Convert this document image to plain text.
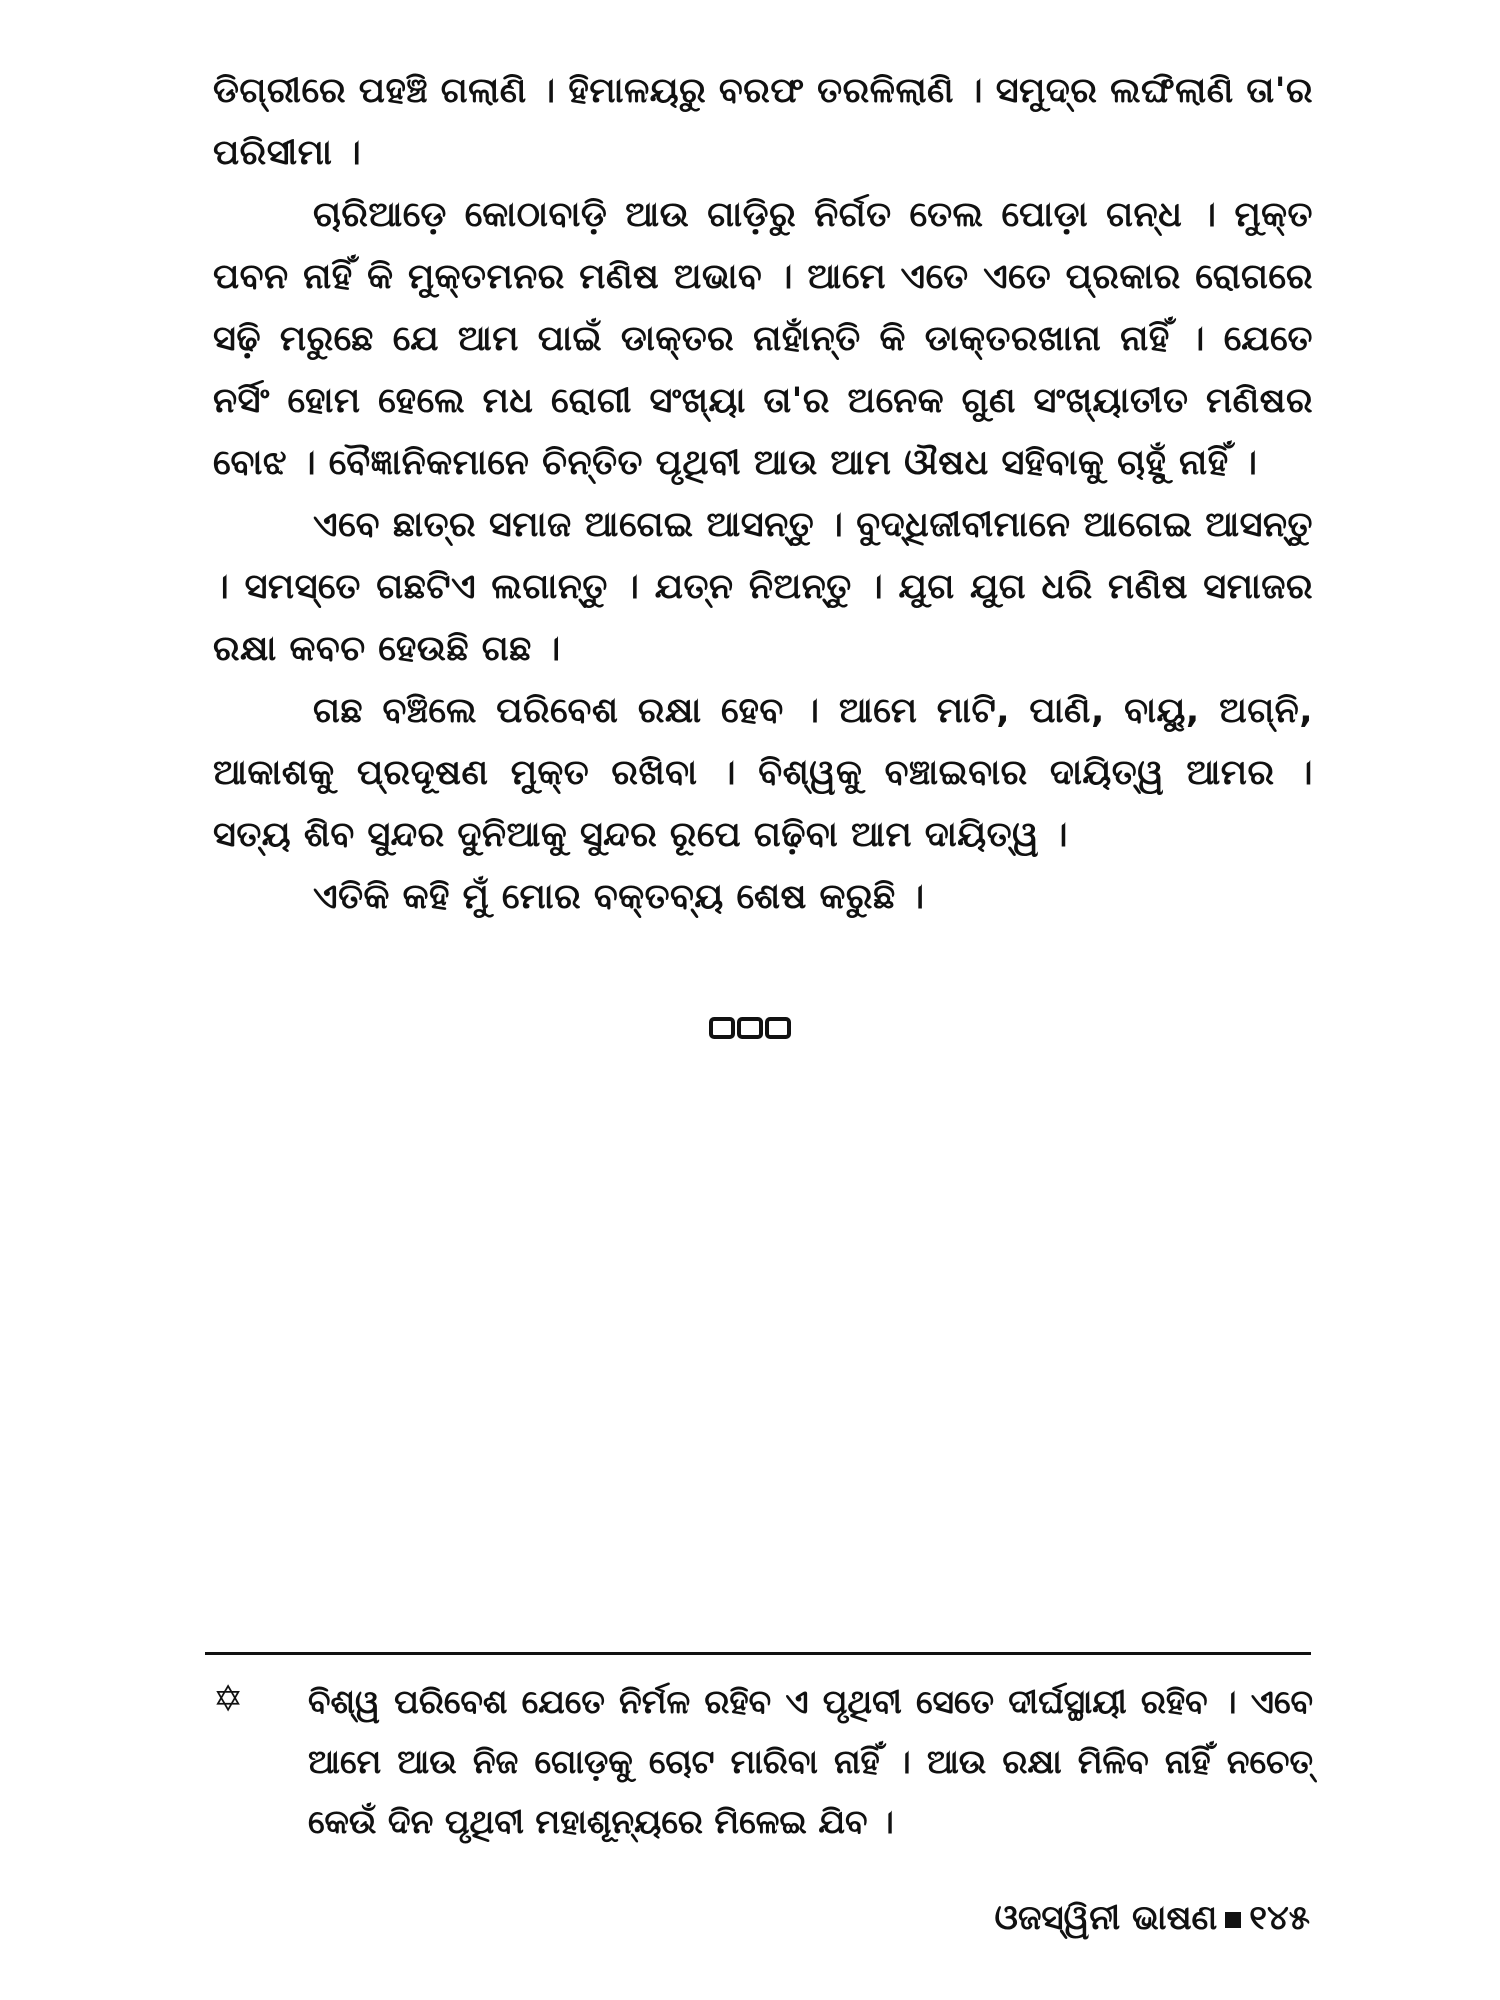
ଡିଗ୍ରୀରେ ପହଞ୍ଚି ଗଲାଣି । ହିମାଳୟରୁ ବରଫ ତରଳିଲାଣି । ସମୁଦ୍ର ଲଙ୍ଘିଲାଣି ତା'ର ପରିସୀମା ।

ଚାରିଆଡ଼େ କୋଠାବାଡ଼ି ଆଉ ଗାଡ଼ିରୁ ନିର୍ଗତ ତେଲ ପୋଡ଼ା ଗନ୍ଧ । ମୁକ୍ତ ପବନ ନାହିଁ କି ମୁକ୍ତମନର ମଣିଷ ଅଭାବ । ଆମେ ଏତେ ଏତେ ପ୍ରକାର ରୋଗରେ ସଢ଼ି ମରୁଛେ ଯେ ଆମ ପାଇଁ ଡାକ୍ତର ନାହାଁନ୍ତି କି ଡାକ୍ତରଖାନା ନାହିଁ । ଯେତେ ନର୍ସିଂ ହୋମ ହେଲେ ମଧ ରୋଗୀ ସଂଖ୍ୟା ତା'ର ଅନେକ ଗୁଣ ସଂଖ୍ୟାତୀତ ମଣିଷର ବୋଝ । ବୈଜ୍ଞାନିକମାନେ ଚିନ୍ତିତ ପୃଥିବୀ ଆଉ ଆମ ଔଷଧ ସହିବାକୁ ଚାହୁଁ ନାହିଁ ।

ଏବେ ଛାତ୍ର ସମାଜ ଆଗେଇ ଆସନ୍ତୁ । ବୁଦ୍ଧିଜୀବୀମାନେ ଆଗେଇ ଆସନ୍ତୁ । ସମସ୍ତେ ଗଛଟିଏ ଲଗାନ୍ତୁ । ଯତ୍ନ ନିଅନ୍ତୁ । ଯୁଗ ଯୁଗ ଧରି ମଣିଷ ସମାଜର ରକ୍ଷା କବଚ ହେଉଛି ଗଛ ।

ଗଛ ବଞ୍ଚିଲେ ପରିବେଶ ରକ୍ଷା ହେବ । ଆମେ ମାଟି, ପାଣି, ବାୟୁ, ଅଗ୍ନି, ଆକାଶକୁ ପ୍ରଦୂଷଣ ମୁକ୍ତ ରଖିବା । ବିଶ୍ୱକୁ ବଞ୍ଚାଇବାର ଦାୟିତ୍ୱ ଆମର । ସତ୍ୟ ଶିବ ସୁନ୍ଦର ଦୁନିଆକୁ ସୁନ୍ଦର ରୂପେ ଗଢ଼ିବା ଆମ ଦାୟିତ୍ୱ ।

ଏତିକି କହି ମୁଁ ମୋର ବକ୍ତବ୍ୟ ଶେଷ କରୁଛି ।

✡ ବିଶ୍ୱ ପରିବେଶ ଯେତେ ନିର୍ମଳ ରହିବ ଏ ପୃଥିବୀ ସେତେ ଦୀର୍ଘସ୍ଥାୟୀ ରହିବ । ଏବେ ଆମେ ଆଉ ନିଜ ଗୋଡ଼କୁ ଚୋଟ ମାରିବା ନାହିଁ । ଆଉ ରକ୍ଷା ମିଳିବ ନାହିଁ ନଚେତ୍ କେଉଁ ଦିନ ପୃଥିବୀ ମହାଶୂନ୍ୟରେ ମିଳେଇ ଯିବ ।
ଓଜସ୍ୱିନୀ ଭାଷଣ ୧୪୫
